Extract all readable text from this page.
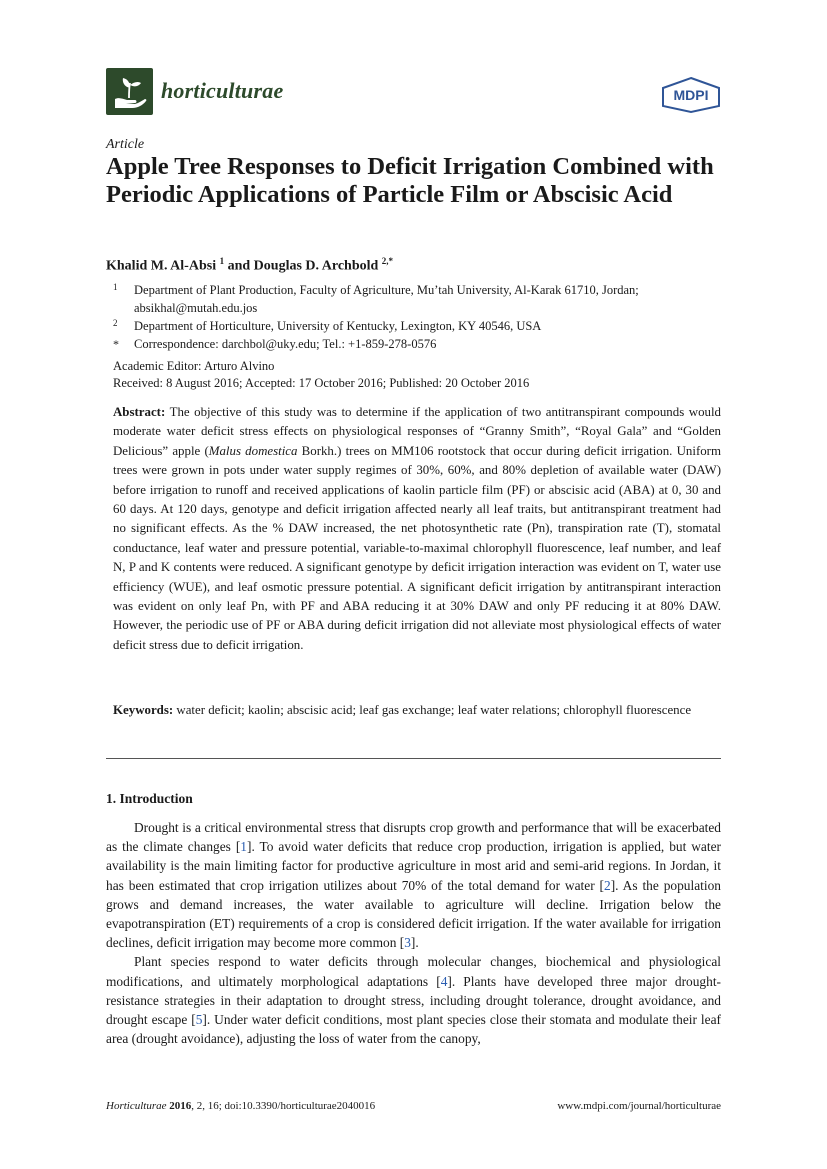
horticulturae	MDPI
Article
Apple Tree Responses to Deficit Irrigation Combined with Periodic Applications of Particle Film or Abscisic Acid
Khalid M. Al-Absi $^1$ and Douglas D. Archbold $^{2,*}$
1 Department of Plant Production, Faculty of Agriculture, Mu’tah University, Al-Karak 61710, Jordan;
absikhal@mutah.edu.jos
2 Department of Horticulture, University of Kentucky, Lexington, KY 40546, USA
* Correspondence: darchbol@uky.edu; Tel.: +1-859-278-0576
Academic Editor: Arturo Alvino
Received: 8 August 2016; Accepted: 17 October 2016; Published: 20 October 2016

Abstract: The objective of this study was to determine if the application of two antitranspirant compounds would moderate water deficit stress effects on physiological responses of “Granny Smith”, “Royal Gala” and “Golden Delicious” apple (Malus domestica Borkh.) trees on MM106 rootstock that occur during deficit irrigation. Uniform trees were grown in pots under water supply regimes of 30%, 60%, and 80% depletion of available water (DAW) before irrigation to runoff and received applications of kaolin particle film (PF) or abscisic acid (ABA) at 0, 30 and 60 days. At 120 days, genotype and deficit irrigation affected nearly all leaf traits, but antitranspirant treatment had no significant effects. As the % DAW increased, the net photosynthetic rate (Pn), transpiration rate (T), stomatal conductance, leaf water and pressure potential, variable-to-maximal chlorophyll fluorescence, leaf number, and leaf N, P and K contents were reduced. A significant genotype by deficit irrigation interaction was evident on T, water use efficiency (WUE), and leaf osmotic pressure potential. A significant deficit irrigation by antitranspirant interaction was evident on only leaf Pn, with PF and ABA reducing it at 30% DAW and only PF reducing it at 80% DAW. However, the periodic use of PF or ABA during deficit irrigation did not alleviate most physiological effects of water deficit stress due to deficit irrigation.

Keywords: water deficit; kaolin; abscisic acid; leaf gas exchange; leaf water relations; chlorophyll fluorescence

1. Introduction

Drought is a critical environmental stress that disrupts crop growth and performance that will be exacerbated as the climate changes [1]. To avoid water deficits that reduce crop production, irrigation is applied, but water availability is the main limiting factor for productive agriculture in most arid and semi-arid regions. In Jordan, it has been estimated that crop irrigation utilizes about 70% of the total demand for water [2]. As the population grows and demand increases, the water available to agriculture will decline. Irrigation below the evapotranspiration (ET) requirements of a crop is considered deficit irrigation. If the water available for irrigation declines, deficit irrigation may become more common [3].

Plant species respond to water deficits through molecular changes, biochemical and physiological modifications, and ultimately morphological adaptations [4]. Plants have developed three major drought-resistance strategies in their adaptation to drought stress, including drought tolerance, drought avoidance, and drought escape [5]. Under water deficit conditions, most plant species close their stomata and modulate their leaf area (drought avoidance), adjusting the loss of water from the canopy,

Horticulturae 2016, 2, 16; doi:10.3390/horticulturae2040016	www.mdpi.com/journal/horticulturae
